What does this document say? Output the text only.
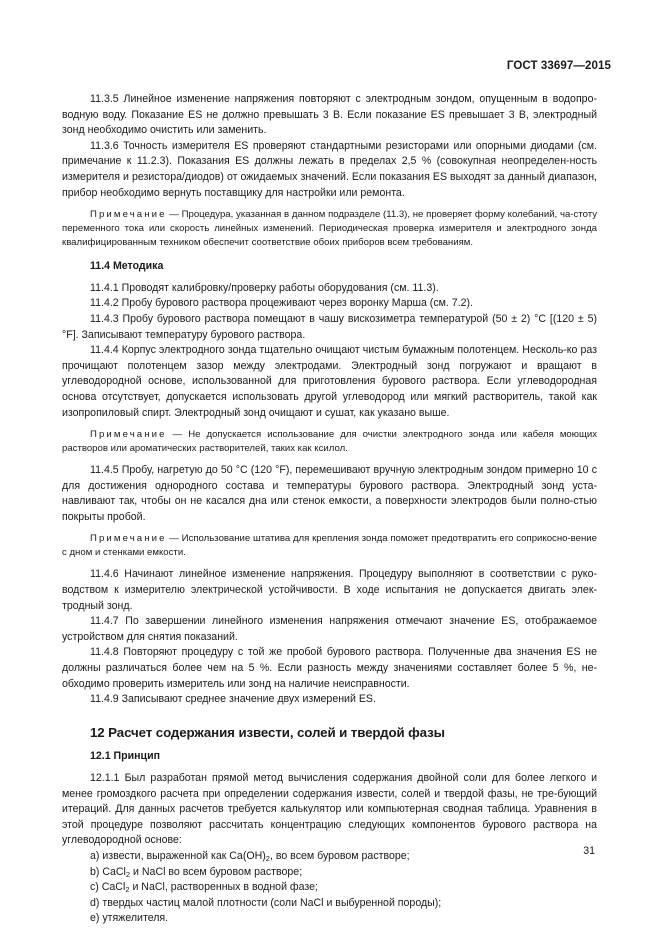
ГОСТ 33697—2015

11.3.5 Линейное изменение напряжения повторяют с электродным зондом, опущенным в водопро-водную воду. Показание ES не должно превышать 3 В. Если показание ES превышает 3 В, электродный зонд необходимо очистить или заменить.

11.3.6 Точность измерителя ES проверяют стандартными резисторами или опорными диодами (см. примечание к 11.2.3). Показания ES должны лежать в пределах 2,5 % (совокупная неопределен-ность измерителя и резистора/диодов) от ожидаемых значений. Если показания ES выходят за данный диапазон, прибор необходимо вернуть поставщику для настройки или ремонта.

Примечание — Процедура, указанная в данном подразделе (11.3), не проверяет форму колебаний, ча-стоту переменного тока или скорость линейных изменений. Периодическая проверка измерителя и электродного зонда квалифицированным техником обеспечит соответствие обоих приборов всем требованиям.

11.4 Методика

11.4.1 Проводят калибровку/проверку работы оборудования (см. 11.3).

11.4.2 Пробу бурового раствора процеживают через воронку Марша (см. 7.2).

11.4.3 Пробу бурового раствора помещают в чашу вискозиметра температурой (50 ± 2) °С [(120 ± 5) °F]. Записывают температуру бурового раствора.

11.4.4 Корпус электродного зонда тщательно очищают чистым бумажным полотенцем. Несколь-ко раз прочищают полотенцем зазор между электродами. Электродный зонд погружают и вращают в углеводородной основе, использованной для приготовления бурового раствора. Если углеводородная основа отсутствует, допускается использовать другой углеводород или мягкий растворитель, такой как изопропиловый спирт. Электродный зонд очищают и сушат, как указано выше.

Примечание — Не допускается использование для очистки электродного зонда или кабеля моющих растворов или ароматических растворителей, таких как ксилол.

11.4.5 Пробу, нагретую до 50 °С (120 °F), перемешивают вручную электродным зондом примерно 10 с для достижения однородного состава и температуры бурового раствора. Электродный зонд уста-навливают так, чтобы он не касался дна или стенок емкости, а поверхности электродов были полно-стью покрыты пробой.

Примечание — Использование штатива для крепления зонда поможет предотвратить его соприкосно-вение с дном и стенками емкости.

11.4.6 Начинают линейное изменение напряжения. Процедуру выполняют в соответствии с руко-водством к измерителю электрической устойчивости. В ходе испытания не допускается двигать элек-тродный зонд.

11.4.7 По завершении линейного изменения напряжения отмечают значение ES, отображаемое устройством для снятия показаний.

11.4.8 Повторяют процедуру с той же пробой бурового раствора. Полученные два значения ES не должны различаться более чем на 5 %. Если разность между значениями составляет более 5 %, не-обходимо проверить измеритель или зонд на наличие неисправности.

11.4.9 Записывают среднее значение двух измерений ES.

12 Расчет содержания извести, солей и твердой фазы

12.1 Принцип

12.1.1 Был разработан прямой метод вычисления содержания двойной соли для более легкого и менее громоздкого расчета при определении содержания извести, солей и твердой фазы, не тре-бующий итераций. Для данных расчетов требуется калькулятор или компьютерная сводная таблица. Уравнения в этой процедуре позволяют рассчитать концентрацию следующих компонентов бурового раствора на углеводородной основе:

а) извести, выраженной как $Ca(OH)_2$, во всем буровом растворе;

b) CaCl$_2$ и NaCl во всем буровом растворе;

c) CaCl$_2$ и NaCl, растворенных в водной фазе;

d) твердых частиц малой плотности (соли NaCl и выбуренной породы);

e) утяжелителя.

31
